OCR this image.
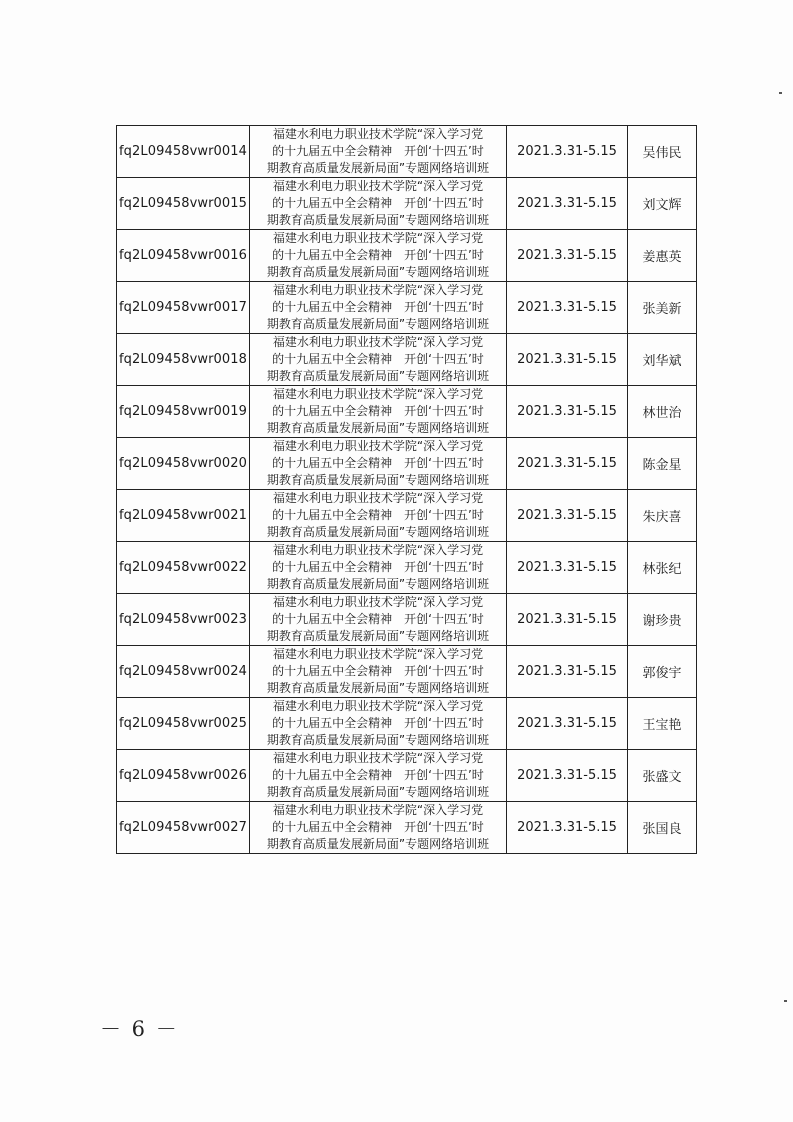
fq2L09458vwr0014	福建水利电力职业技术学院“深入学习党
的十九届五中全会精神　开创‘十四五’时
期教育高质量发展新局面”专题网络培训班	2021.3.31-5.15	吴伟民
fq2L09458vwr0015	福建水利电力职业技术学院“深入学习党
的十九届五中全会精神　开创‘十四五’时
期教育高质量发展新局面”专题网络培训班	2021.3.31-5.15	刘文辉
fq2L09458vwr0016	福建水利电力职业技术学院“深入学习党
的十九届五中全会精神　开创‘十四五’时
期教育高质量发展新局面”专题网络培训班	2021.3.31-5.15	姜惠英
fq2L09458vwr0017	福建水利电力职业技术学院“深入学习党
的十九届五中全会精神　开创‘十四五’时
期教育高质量发展新局面”专题网络培训班	2021.3.31-5.15	张美新
fq2L09458vwr0018	福建水利电力职业技术学院“深入学习党
的十九届五中全会精神　开创‘十四五’时
期教育高质量发展新局面”专题网络培训班	2021.3.31-5.15	刘华斌
fq2L09458vwr0019	福建水利电力职业技术学院“深入学习党
的十九届五中全会精神　开创‘十四五’时
期教育高质量发展新局面”专题网络培训班	2021.3.31-5.15	林世治
fq2L09458vwr0020	福建水利电力职业技术学院“深入学习党
的十九届五中全会精神　开创‘十四五’时
期教育高质量发展新局面”专题网络培训班	2021.3.31-5.15	陈金星
fq2L09458vwr0021	福建水利电力职业技术学院“深入学习党
的十九届五中全会精神　开创‘十四五’时
期教育高质量发展新局面”专题网络培训班	2021.3.31-5.15	朱庆喜
fq2L09458vwr0022	福建水利电力职业技术学院“深入学习党
的十九届五中全会精神　开创‘十四五’时
期教育高质量发展新局面”专题网络培训班	2021.3.31-5.15	林张纪
fq2L09458vwr0023	福建水利电力职业技术学院“深入学习党
的十九届五中全会精神　开创‘十四五’时
期教育高质量发展新局面”专题网络培训班	2021.3.31-5.15	谢珍贵
fq2L09458vwr0024	福建水利电力职业技术学院“深入学习党
的十九届五中全会精神　开创‘十四五’时
期教育高质量发展新局面”专题网络培训班	2021.3.31-5.15	郭俊宇
fq2L09458vwr0025	福建水利电力职业技术学院“深入学习党
的十九届五中全会精神　开创‘十四五’时
期教育高质量发展新局面”专题网络培训班	2021.3.31-5.15	王宝艳
fq2L09458vwr0026	福建水利电力职业技术学院“深入学习党
的十九届五中全会精神　开创‘十四五’时
期教育高质量发展新局面”专题网络培训班	2021.3.31-5.15	张盛文
fq2L09458vwr0027	福建水利电力职业技术学院“深入学习党
的十九届五中全会精神　开创‘十四五’时
期教育高质量发展新局面”专题网络培训班	2021.3.31-5.15	张国良
－ 6 －
